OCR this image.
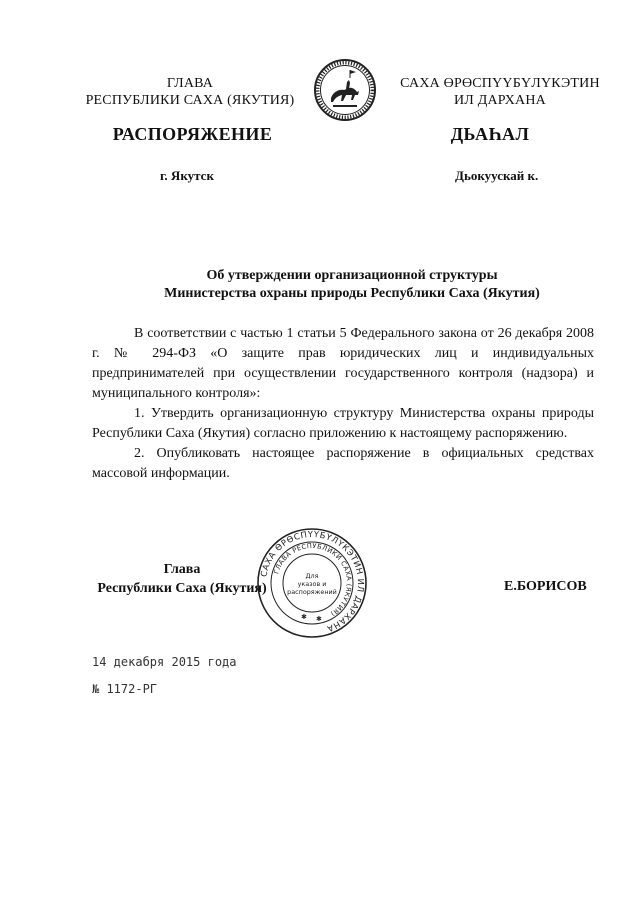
ГЛАВА
РЕСПУБЛИКИ САХА (ЯКУТИЯ)
САХА ӨРӨСПҮҮБҮЛҮКЭТИН
ИЛ ДАРХАНА
РАСПОРЯЖЕНИЕ	ДЬАҺАЛ
г. Якутск	Дьокуускай к.
Об утверждении организационной структуры
Министерства охраны природы Республики Саха (Якутия)

В соответствии с частью 1 статьи 5 Федерального закона от 26 декабря 2008 г. № 294-ФЗ «О защите прав юридических лиц и индивидуальных предпринимателей при осуществлении государственного контроля (надзора) и муниципального контроля»:

1. Утвердить организационную структуру Министерства охраны природы Республики Саха (Якутия) согласно приложению к настоящему распоряжению.

2. Опубликовать настоящее распоряжение в официальных средствах массовой информации.

Глава
Республики Саха (Якутия)
САХА ӨРӨСПҮҮБҮЛҮКЭТИН ИЛ ДАРХАНА
ГЛАВА РЕСПУБЛИКИ САХА (ЯКУТИЯ)
Для
указов и
распоряжений
✱ ✱
Е.БОРИСОВ
14 декабря 2015 года
№ 1172-РГ
